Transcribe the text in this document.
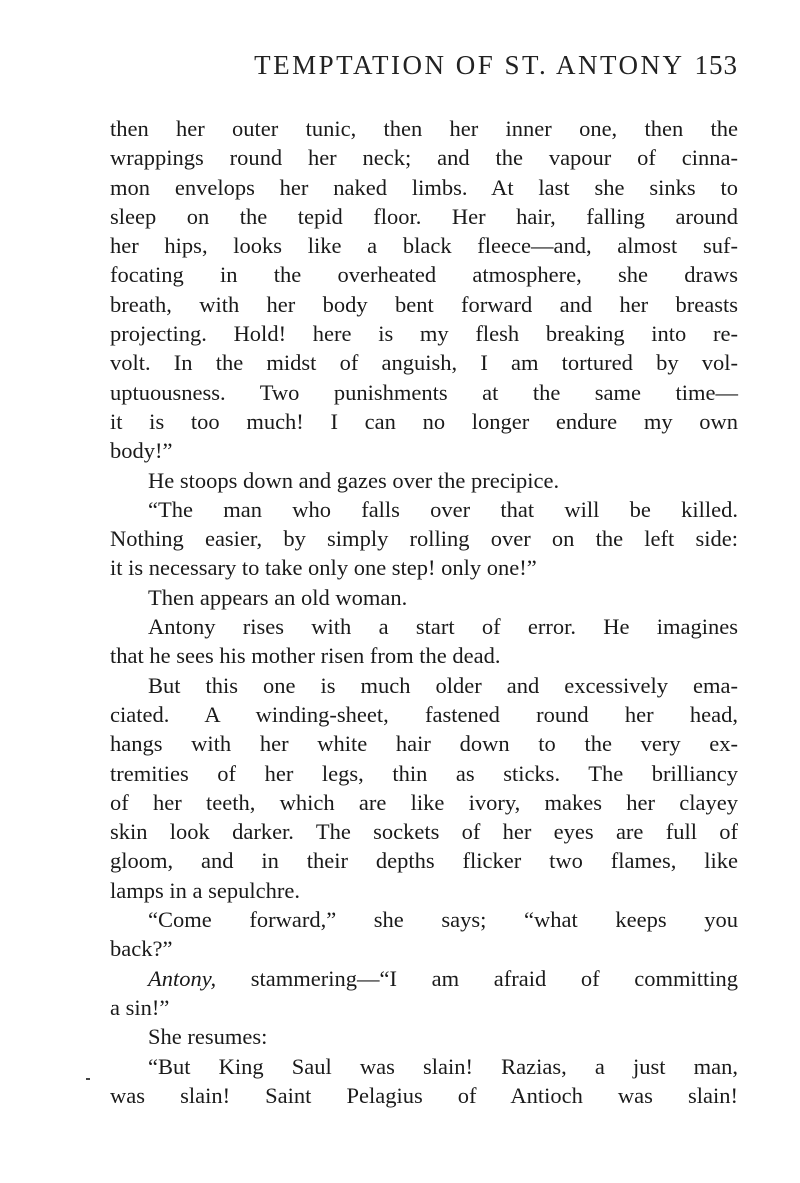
TEMPTATION OF ST. ANTONY 153
then her outer tunic, then her inner one, then the
wrappings round her neck; and the vapour of cinna-
mon envelops her naked limbs. At last she sinks to
sleep on the tepid floor. Her hair, falling around
her hips, looks like a black fleece—and, almost suf-
focating in the overheated atmosphere, she draws
breath, with her body bent forward and her breasts
projecting. Hold! here is my flesh breaking into re-
volt. In the midst of anguish, I am tortured by vol-
uptuousness. Two punishments at the same time—
it is too much! I can no longer endure my own
body!”
He stoops down and gazes over the precipice.
“The man who falls over that will be killed.
Nothing easier, by simply rolling over on the left side:
it is necessary to take only one step! only one!”
Then appears an old woman.
Antony rises with a start of error. He imagines
that he sees his mother risen from the dead.
But this one is much older and excessively ema-
ciated. A winding-sheet, fastened round her head,
hangs with her white hair down to the very ex-
tremities of her legs, thin as sticks. The brilliancy
of her teeth, which are like ivory, makes her clayey
skin look darker. The sockets of her eyes are full of
gloom, and in their depths flicker two flames, like
lamps in a sepulchre.
“Come forward,” she says; “what keeps you
back?”
Antony, stammering—“I am afraid of committing
a sin!”
She resumes:
“But King Saul was slain! Razias, a just man,
was slain! Saint Pelagius of Antioch was slain!
